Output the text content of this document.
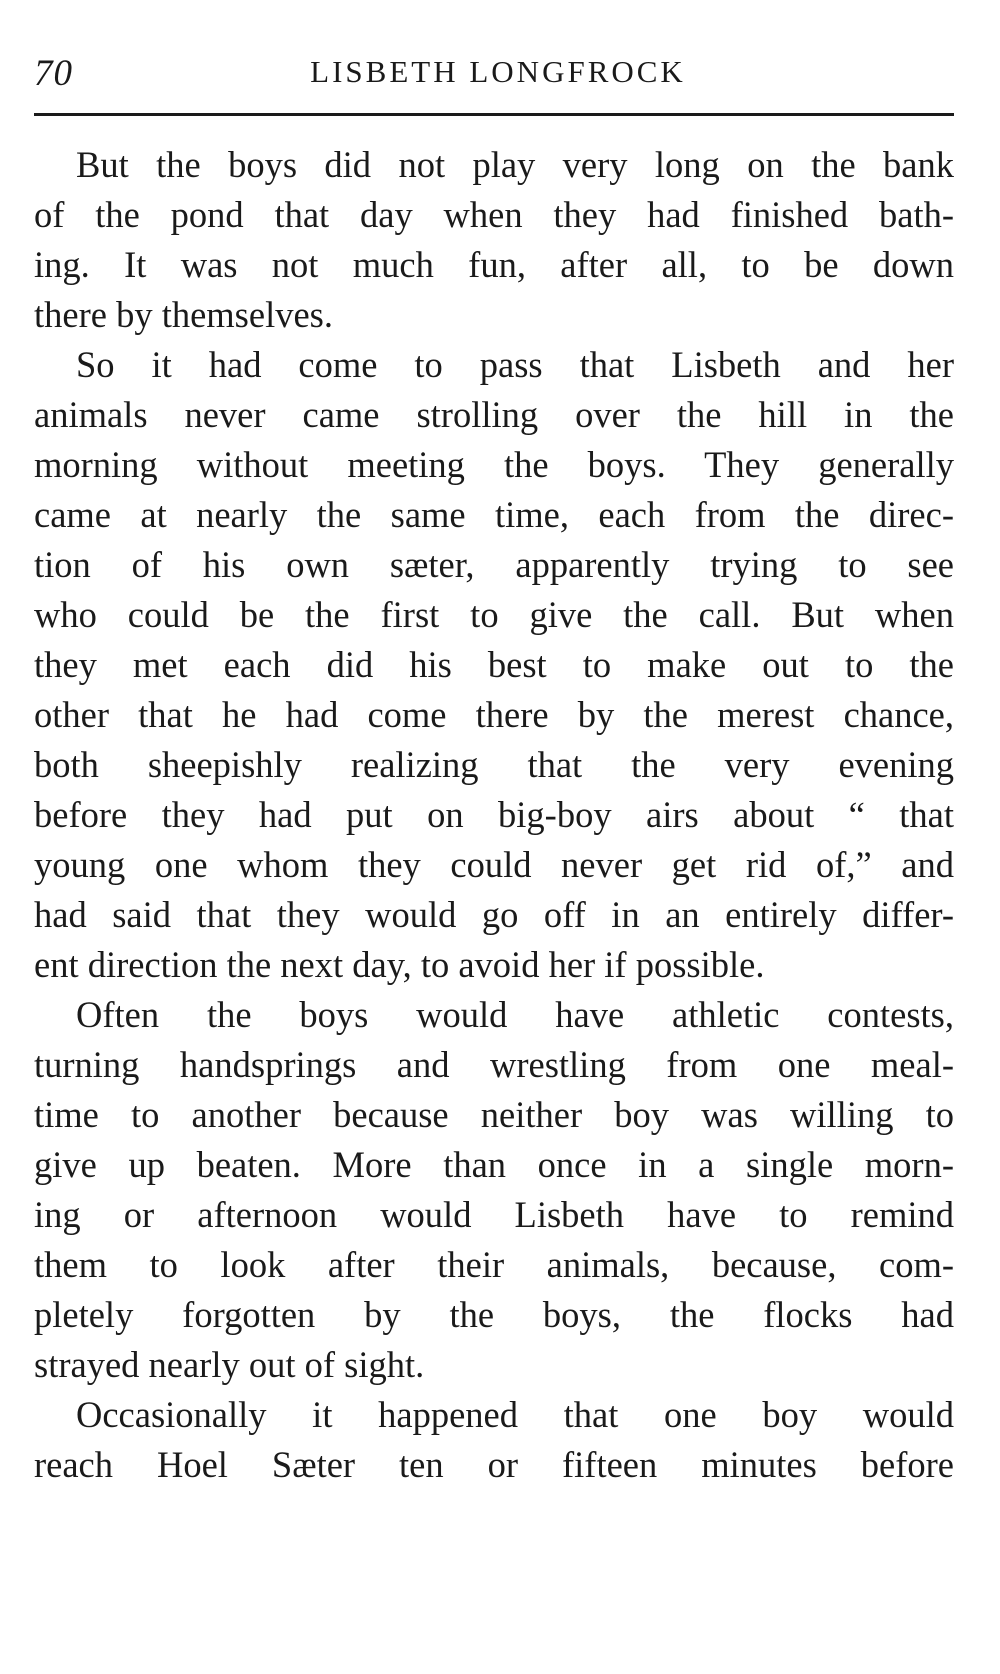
70	LISBETH LONGFROCK
But the boys did not play very long on the bank
of the pond that day when they had finished bath-
ing. It was not much fun, after all, to be down
there by themselves.
So it had come to pass that Lisbeth and her
animals never came strolling over the hill in the
morning without meeting the boys. They generally
came at nearly the same time, each from the direc-
tion of his own sæter, apparently trying to see
who could be the first to give the call. But when
they met each did his best to make out to the
other that he had come there by the merest chance,
both sheepishly realizing that the very evening
before they had put on big-boy airs about “ that
young one whom they could never get rid of,” and
had said that they would go off in an entirely differ-
ent direction the next day, to avoid her if possible.
Often the boys would have athletic contests,
turning handsprings and wrestling from one meal-
time to another because neither boy was willing to
give up beaten. More than once in a single morn-
ing or afternoon would Lisbeth have to remind
them to look after their animals, because, com-
pletely forgotten by the boys, the flocks had
strayed nearly out of sight.
Occasionally it happened that one boy would
reach Hoel Sæter ten or fifteen minutes before
